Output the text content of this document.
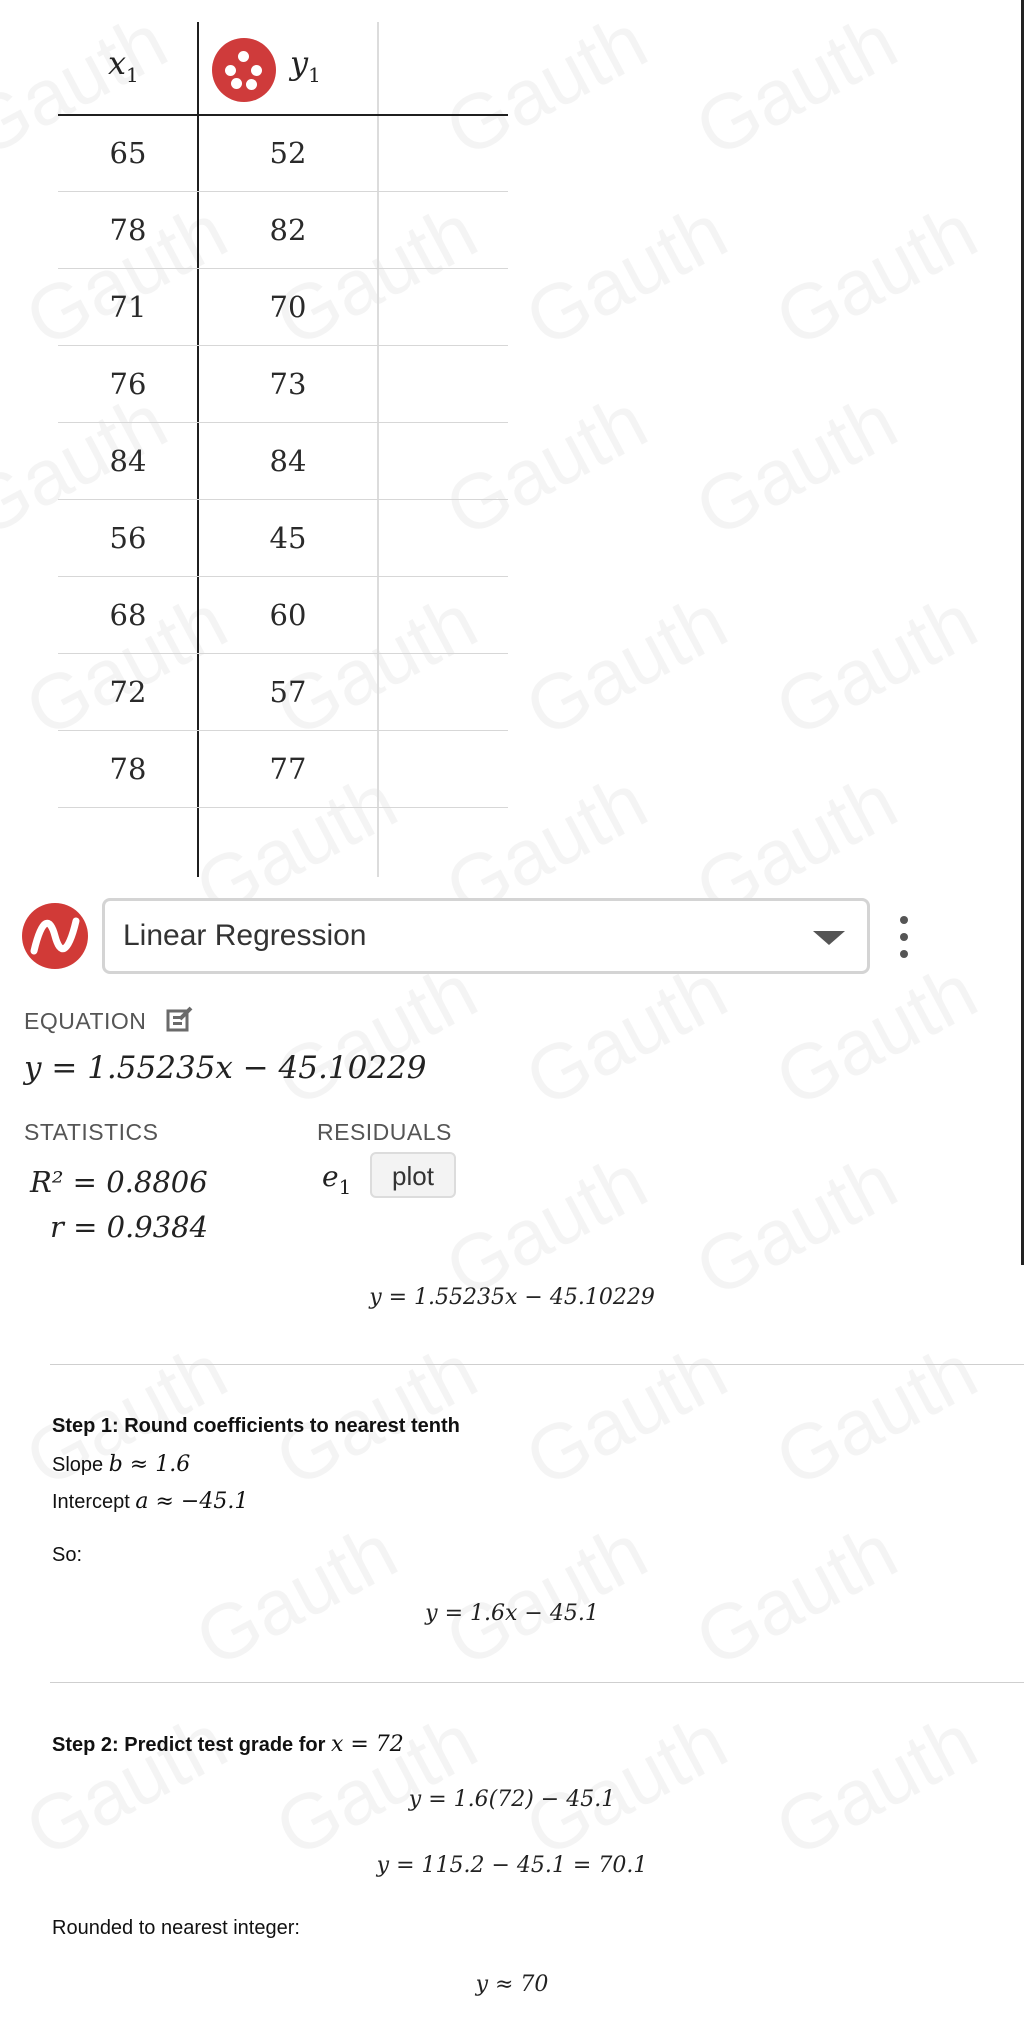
$x_1$	$y_1$
65	52
78	82
71	70
76	73
84	84
56	45
68	60
72	57
78	77
Linear Regression
EQUATION
y = 1.55235x − 45.10229
STATISTICS	RESIDUALS
R² = 0.8806
r = 0.9384
$e_1$	plot
y = 1.55235x − 45.10229
Step 1: Round coefficients to nearest tenth
Slope b ≈ 1.6
Intercept a ≈ −45.1
So:
y = 1.6x − 45.1
Step 2: Predict test grade for x = 72
y = 1.6(72) − 45.1
y = 115.2 − 45.1 = 70.1
Rounded to nearest integer:
y ≈ 70
